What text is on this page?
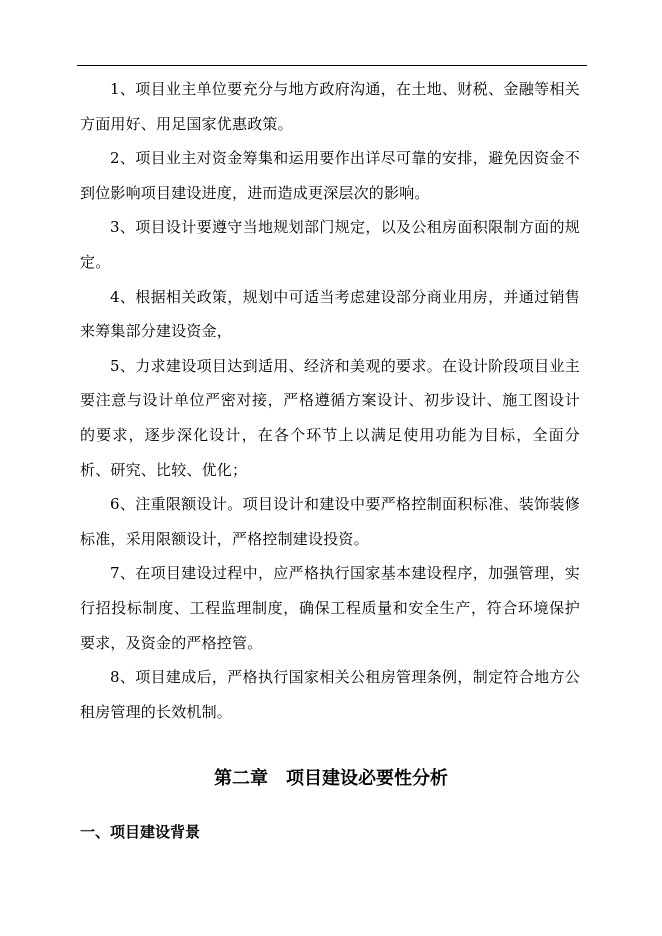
1、项目业主单位要充分与地方政府沟通，在土地、财税、金融等相关方面用好、用足国家优惠政策。

2、项目业主对资金筹集和运用要作出详尽可靠的安排，避免因资金不到位影响项目建设进度，进而造成更深层次的影响。

3、项目设计要遵守当地规划部门规定，以及公租房面积限制方面的规定。

4、根据相关政策，规划中可适当考虑建设部分商业用房，并通过销售来筹集部分建设资金，

5、力求建设项目达到适用、经济和美观的要求。在设计阶段项目业主要注意与设计单位严密对接，严格遵循方案设计、初步设计、施工图设计的要求，逐步深化设计，在各个环节上以满足使用功能为目标，全面分析、研究、比较、优化；

6、注重限额设计。项目设计和建设中要严格控制面积标准、装饰装修标准，采用限额设计，严格控制建设投资。

7、在项目建设过程中，应严格执行国家基本建设程序，加强管理，实行招投标制度、工程监理制度，确保工程质量和安全生产，符合环境保护要求，及资金的严格控管。

8、项目建成后，严格执行国家相关公租房管理条例，制定符合地方公租房管理的长效机制。

第二章 项目建设必要性分析
一、项目建设背景
